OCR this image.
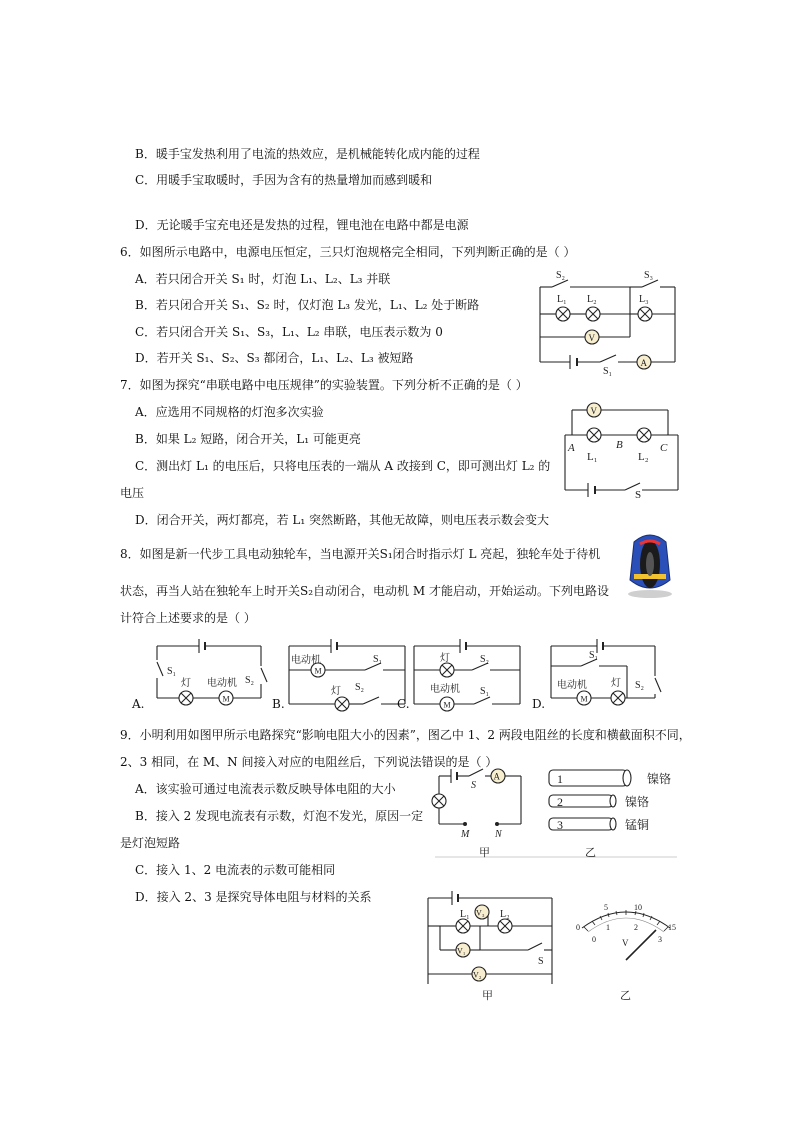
B．暖手宝发热利用了电流的热效应，是机械能转化成内能的过程
C．用暖手宝取暖时，手因为含有的热量增加而感到暖和
D．无论暖手宝充电还是发热的过程，锂电池在电路中都是电源
6．如图所示电路中，电源电压恒定，三只灯泡规格完全相同，下列判断正确的是（ ）
A．若只闭合开关 S₁ 时，灯泡 L₁、L₂、L₃ 并联
B．若只闭合开关 S₁、S₂ 时，仅灯泡 L₃ 发光，L₁、L₂ 处于断路
C．若只闭合开关 S₁、S₃，L₁、L₂ 串联，电压表示数为 0
D．若开关 S₁、S₂、S₃ 都闭合，L₁、L₂、L₃ 被短路
S₂	S₃
L₁ L₂	L₃
V
A
S₁
7．如图为探究“串联电路中电压规律”的实验装置。下列分析不正确的是（ ）
A．应选用不同规格的灯泡多次实验
B．如果 L₂ 短路，闭合开关，L₁ 可能更亮
C．测出灯 L₁ 的电压后，只将电压表的一端从 A 改接到 C，即可测出灯 L₂ 的
电压
D．闭合开关，两灯都亮，若 L₁ 突然断路，其他无故障，则电压表示数会变大
V
A	B	C
L₁	L₂
S
8．如图是新一代步工具电动独轮车，当电源开关S₁闭合时指示灯 L 亮起，独轮车处于待机
状态，再当人站在独轮车上时开关S₂自动闭合，电动机 M 才能启动，开始运动。下列电路设
计符合上述要求的是（ ）
S₁
S₂
灯 电动机
M
A.
电动机
M
S₁
灯 S₂
B.
灯	S₂
电动机
M
S₁
C.
S₁
电动机
M
灯 S₂
D.
9．小明利用如图甲所示电路探究“影响电阻大小的因素”，图乙中 1、2 两段电阻丝的长度和横截面积不同，
2、3 相同，在 M、N 间接入对应的电阻丝后，下列说法错误的是（ ）
A．该实验可通过电流表示数反映导体电阻的大小
B．接入 2 发现电流表有示数，灯泡不发光，原因一定
是灯泡短路
C．接入 1、2 电流表的示数可能相同
D．接入 2、3 是探究导体电阻与材料的关系
A
S
M	N
甲	乙
1
2
3
镍铬
镍铬
锰铜
L₁	L₂
V₃
V₁
V₂
S
甲	乙
0
5	10
15
0
1	2
3
V
